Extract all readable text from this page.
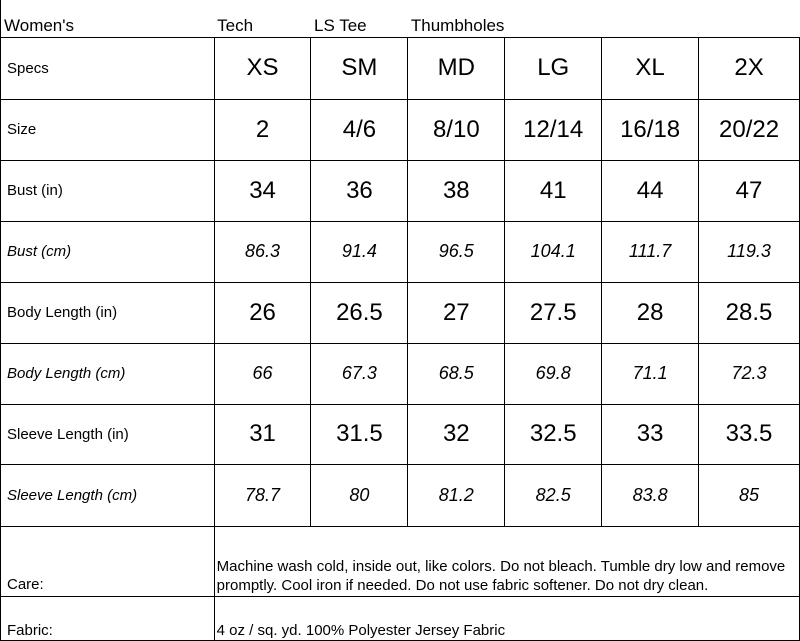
Women's	Tech	LS Tee	Thumbholes			
Specs	XS	SM	MD	LG	XL	2X
Size	2	4/6	8/10	12/14	16/18	20/22
Bust (in)	34	36	38	41	44	47
Bust (cm)	86.3	91.4	96.5	104.1	111.7	119.3
Body Length (in)	26	26.5	27	27.5	28	28.5
Body Length (cm)	66	67.3	68.5	69.8	71.1	72.3
Sleeve Length (in)	31	31.5	32	32.5	33	33.5
Sleeve Length (cm)	78.7	80	81.2	82.5	83.8	85
Care:	Machine wash cold, inside out, like colors. Do not bleach. Tumble dry low and remove promptly. Cool iron if needed. Do not use fabric softener. Do not dry clean.					
Fabric:	4 oz / sq. yd. 100% Polyester Jersey Fabric					
